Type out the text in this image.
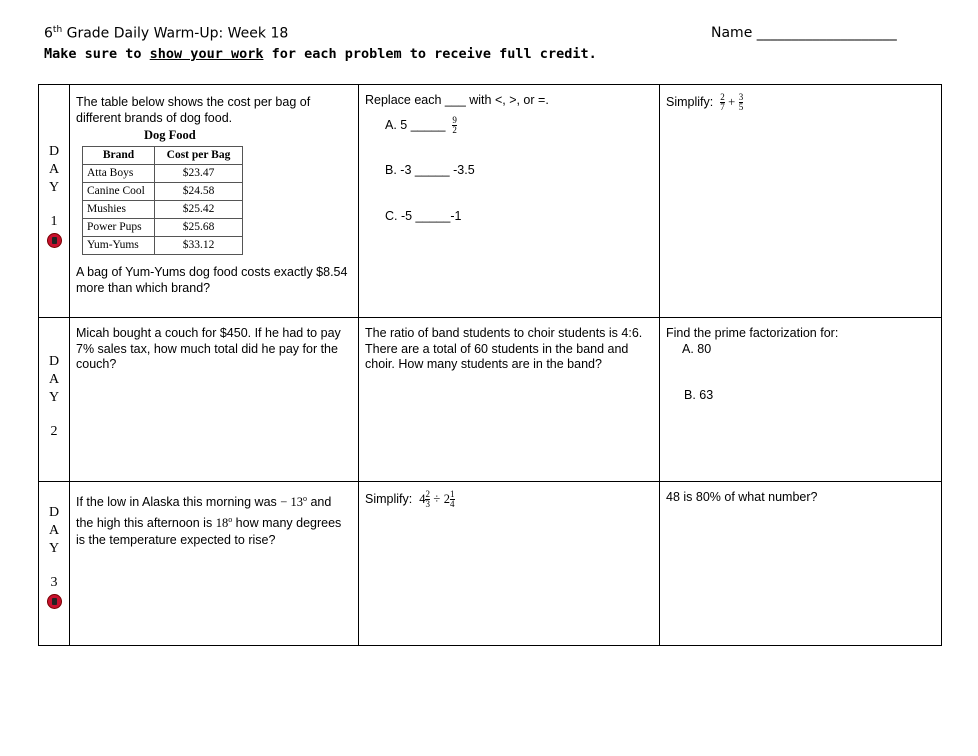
6th Grade Daily Warm-Up: Week 18	Name ____________________
Make sure to show your work for each problem to receive full credit.
D
A
Y
1

The table below shows the cost per bag of different brands of dog food.
Dog Food
Brand	Cost per Bag
Atta Boys	$23.47
Canine Cool	$24.58
Mushies	$25.42
Power Pups	$25.68
Yum-Yums	$33.12
A bag of Yum-Yums dog food costs exactly $8.54 more than which brand?

Replace each ___ with <, >, or =.
A. 5 _____ $\frac{9}{2}$
B. -3 _____ -3.5
C. -5 _____-1

Simplify: $\frac{2}{7} + \frac{3}{5}$

D
A
Y
2

Micah bought a couch for $450. If he had to pay 7% sales tax, how much total did he pay for the couch?

The ratio of band students to choir students is 4:6. There are a total of 60 students in the band and choir. How many students are in the band?

Find the prime factorization for:
A. 80
B. 63

D
A
Y
3

If the low in Alaska this morning was − $13^o$ and the high this afternoon is 18$^o$ how many degrees is the temperature expected to rise?

Simplify: $4 \frac{2}{3} \div 2 \frac{1}{4}$	48 is 80% of what number?
